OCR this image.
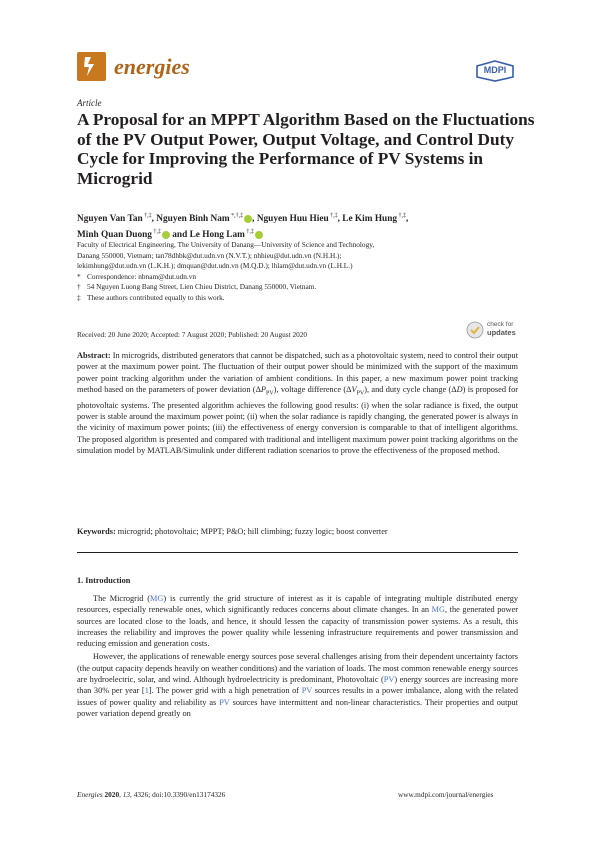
energies	MDPI
Article
A Proposal for an MPPT Algorithm Based on the Fluctuations of the PV Output Power, Output Voltage, and Control Duty Cycle for Improving the Performance of PV Systems in Microgrid
Nguyen Van Tan †,‡, Nguyen Binh Nam *,†,‡ , Nguyen Huu Hieu †,‡, Le Kim Hung †,‡,
Minh Quan Duong †,‡ and Le Hong Lam †,‡
Faculty of Electrical Engineering, The University of Danang—University of Science and Technology,
Danang 550000, Vietnam; tan78dhbk@dut.udn.vn (N.V.T.); nhhieu@dut.udn.vn (N.H.H.);
lekimhung@dut.udn.vn (L.K.H.); dmquan@dut.udn.vn (M.Q.D.); lhlam@dut.udn.vn (L.H.L.)
* Correspondence: nbnam@dut.udn.vn
† 54 Nguyen Luong Bang Street, Lien Chieu District, Danang 550000, Vietnam.
‡ These authors contributed equally to this work.
Received: 20 June 2020; Accepted: 7 August 2020; Published: 20 August 2020
check for
updates
Abstract: In microgrids, distributed generators that cannot be dispatched, such as a photovoltaic system, need to control their output power at the maximum power point. The fluctuation of their output power should be minimized with the support of the maximum power point tracking algorithm under the variation of ambient conditions. In this paper, a new maximum power point tracking method based on the parameters of power deviation $(\Delta P_{PV})$, voltage difference $(\Delta V_{PV})$, and duty cycle change (ΔD) is proposed for photovoltaic systems. The presented algorithm achieves the following good results: (i) when the solar radiance is fixed, the output power is stable around the maximum power point; (ii) when the solar radiance is rapidly changing, the generated power is always in the vicinity of maximum power points; (iii) the effectiveness of energy conversion is comparable to that of intelligent algorithms. The proposed algorithm is presented and compared with traditional and intelligent maximum power point tracking algorithms on the simulation model by MATLAB/Simulink under different radiation scenarios to prove the effectiveness of the proposed method.
Keywords: microgrid; photovoltaic; MPPT; P&O; hill climbing; fuzzy logic; boost converter
1. Introduction

The Microgrid (MG) is currently the grid structure of interest as it is capable of integrating multiple distributed energy resources, especially renewable ones, which significantly reduces concerns about climate changes. In an MG, the generated power sources are located close to the loads, and hence, it should lessen the capacity of transmission power systems. As a result, this increases the reliability and improves the power quality while lessening infrastructure requirements and power transmission and reducing emission and generation costs.

However, the applications of renewable energy sources pose several challenges arising from their dependent uncertainty factors (the output capacity depends heavily on weather conditions) and the variation of loads. The most common renewable energy sources are hydroelectric, solar, and wind. Although hydroelectricity is predominant, Photovoltaic (PV) energy sources are increasing more than 30% per year [1]. The power grid with a high penetration of PV sources results in a power imbalance, along with the related issues of power quality and reliability as PV sources have intermittent and non-linear characteristics. Their properties and output power variation depend greatly on

Energies 2020, 13, 4326; doi:10.3390/en13174326	www.mdpi.com/journal/energies
